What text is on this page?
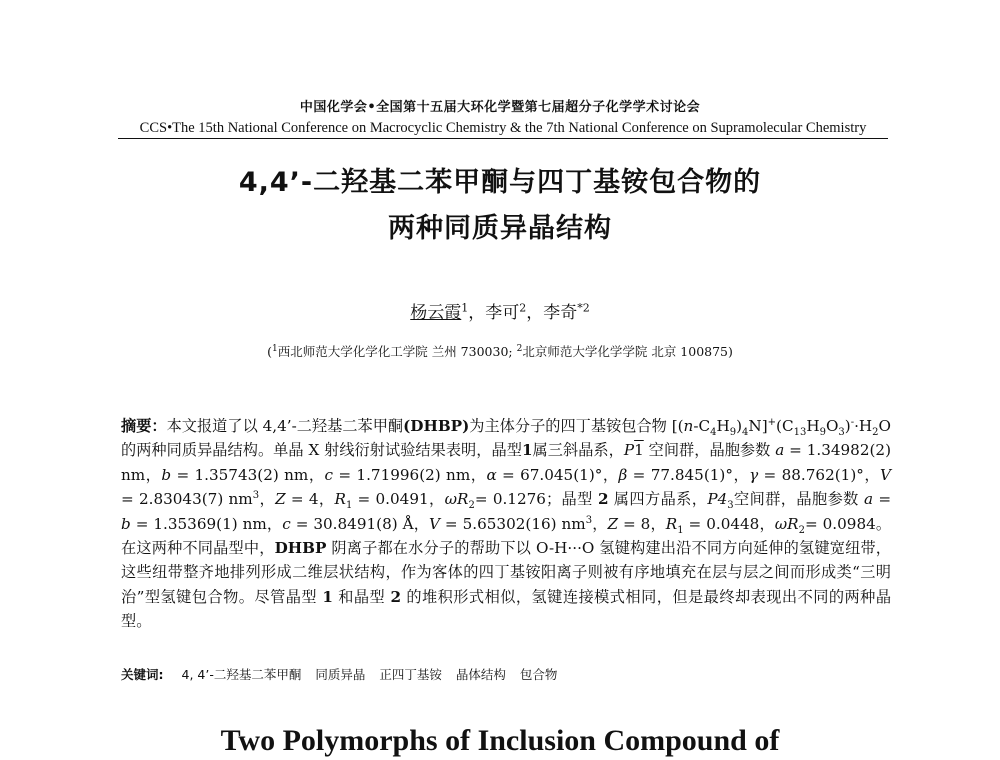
中国化学会•全国第十五届大环化学暨第七届超分子化学学术讨论会
CCS•The 15th National Conference on Macrocyclic Chemistry & the 7th National Conference on Supramolecular Chemistry
4,4’-二羟基二苯甲酮与四丁基铵包合物的
两种同质异晶结构
杨云霞$^1$，李可$^2$，李奇$^{*2}$
($^1$西北师范大学化学化工学院 兰州 730030; $^2$北京师范大学化学学院 北京 100875)
摘要：本文报道了以 4,4’-二羟基二苯甲酮(DHBP)为主体分子的四丁基铵包合物 $[(n-C_4H_9)_4N]^+(C_{13}H_9O_3)^-\cdot H_2O$ 的两种同质异晶结构。单晶 X 射线衍射试验结果表明，晶型1属三斜晶系，P1 空间群，晶胞参数 a = 1.34982(2) nm，b = 1.35743(2) nm，c = 1.71996(2) nm，α = 67.045(1)°，β = 77.845(1)°，γ = 88.762(1)°，V = 2.83043(7) $nm^3$，Z = 4，$R_1 = 0.0491$，$\omega R_2= 0.1276$；晶型 2 属四方晶系，$P4_3$空间群，晶胞参数 a = b = 1.35369(1) nm，c = 30.8491(8) Å，V = 5.65302(16) $nm^3$，Z = 8，$R_1 = 0.0448$，$\omega R_2= 0.0984$。在这两种不同晶型中，DHBP 阴离子都在水分子的帮助下以 O-H···O 氢键构建出沿不同方向延伸的氢键宽纽带，这些纽带整齐地排列形成二维层状结构，作为客体的四丁基铵阳离子则被有序地填充在层与层之间而形成类“三明治”型氢键包合物。尽管晶型 1 和晶型 2 的堆积形式相似，氢键连接模式相同，但是最终却表现出不同的两种晶型。
关键词: 4, 4’-二羟基二苯甲酮 同质异晶 正四丁基铵 晶体结构 包合物
Two Polymorphs of Inclusion Compound of
